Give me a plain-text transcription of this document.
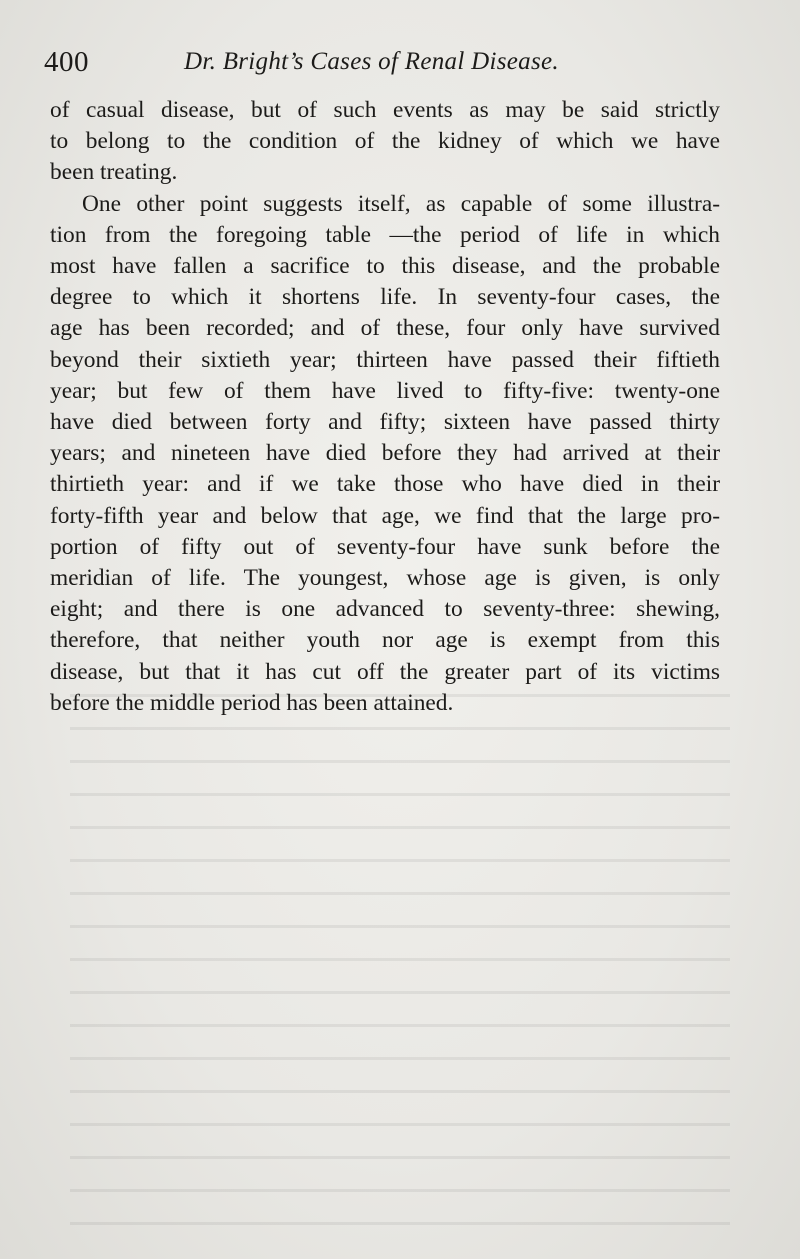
400	Dr. Bright’s Cases of Renal Disease.
of casual disease, but of such events as may be said strictly
to belong to the condition of the kidney of which we have
been treating.
One other point suggests itself, as capable of some illustra-
tion from the foregoing table —the period of life in which
most have fallen a sacrifice to this disease, and the probable
degree to which it shortens life. In seventy-four cases, the
age has been recorded; and of these, four only have survived
beyond their sixtieth year; thirteen have passed their fiftieth
year; but few of them have lived to fifty-five: twenty-one
have died between forty and fifty; sixteen have passed thirty
years; and nineteen have died before they had arrived at their
thirtieth year: and if we take those who have died in their
forty-fifth year and below that age, we find that the large pro-
portion of fifty out of seventy-four have sunk before the
meridian of life. The youngest, whose age is given, is only
eight; and there is one advanced to seventy-three: shewing,
therefore, that neither youth nor age is exempt from this
disease, but that it has cut off the greater part of its victims
before the middle period has been attained.
